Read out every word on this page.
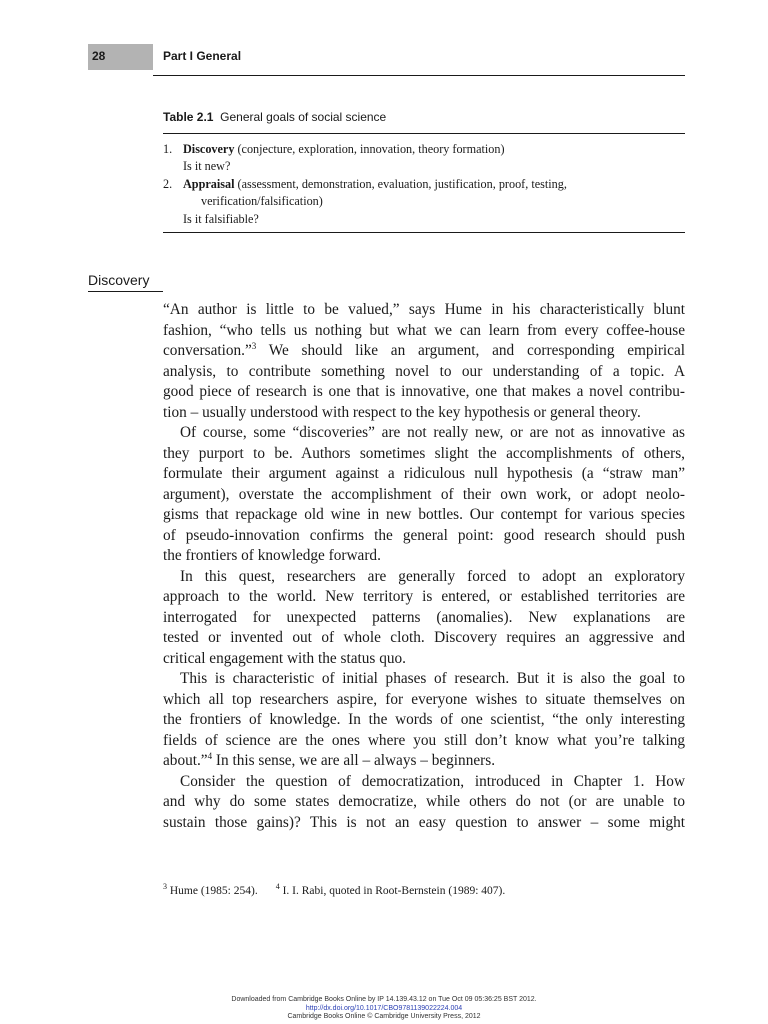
28	Part I General
Table 2.1 General goals of social science
1. Discovery (conjecture, exploration, innovation, theory formation)
Is it new?
2. Appraisal (assessment, demonstration, evaluation, justification, proof, testing,
verification/falsification)
Is it falsifiable?
Discovery
“An author is little to be valued,” says Hume in his characteristically blunt
fashion, “who tells us nothing but what we can learn from every coffee-house
conversation.”$^3$ We should like an argument, and corresponding empirical
analysis, to contribute something novel to our understanding of a topic. A
good piece of research is one that is innovative, one that makes a novel contribu-
tion – usually understood with respect to the key hypothesis or general theory.
Of course, some “discoveries” are not really new, or are not as innovative as
they purport to be. Authors sometimes slight the accomplishments of others,
formulate their argument against a ridiculous null hypothesis (a “straw man”
argument), overstate the accomplishment of their own work, or adopt neolo-
gisms that repackage old wine in new bottles. Our contempt for various species
of pseudo-innovation confirms the general point: good research should push
the frontiers of knowledge forward.
In this quest, researchers are generally forced to adopt an exploratory
approach to the world. New territory is entered, or established territories are
interrogated for unexpected patterns (anomalies). New explanations are
tested or invented out of whole cloth. Discovery requires an aggressive and
critical engagement with the status quo.
This is characteristic of initial phases of research. But it is also the goal to
which all top researchers aspire, for everyone wishes to situate themselves on
the frontiers of knowledge. In the words of one scientist, “the only interesting
fields of science are the ones where you still don’t know what you’re talking
about.”$^4$ In this sense, we are all – always – beginners.
Consider the question of democratization, introduced in Chapter 1. How
and why do some states democratize, while others do not (or are unable to
sustain those gains)? This is not an easy question to answer – some might
$^3$ Hume (1985: 254). $^4$ I. I. Rabi, quoted in Root-Bernstein (1989: 407).
Downloaded from Cambridge Books Online by IP 14.139.43.12 on Tue Oct 09 05:36:25 BST 2012.
http://dx.doi.org/10.1017/CBO9781139022224.004
Cambridge Books Online © Cambridge University Press, 2012
